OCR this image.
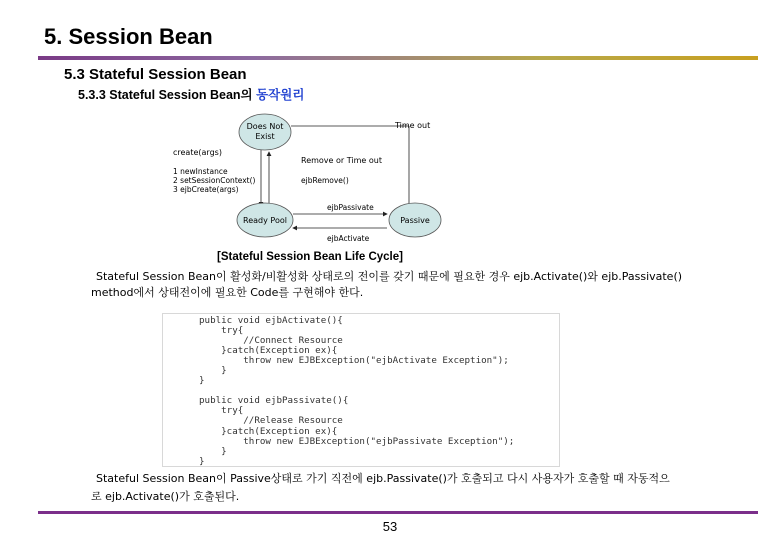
5. Session Bean
5.3 Stateful Session Bean
5.3.3 Stateful Session Bean의 동작원리
Does Not
Exist
Ready Pool	Passive
Time out
create(args)
1 newInstance
2 setSessionContext()
3 ejbCreate(args)
Remove or Time out
ejbRemove()
ejbPassivate
ejbActivate
[Stateful Session Bean Life Cycle]
Stateful Session Bean이 활성화/비활성화 상태로의 전이를 갖기 때문에 필요한 경우 ejb.Activate()와 ejb.Passivate()
method에서 상태전이에 필요한 Code를 구현해야 한다.
public void ejbActivate(){
try{
//Connect Resource
}catch(Exception ex){
throw new EJBException("ejbActivate Exception");
}
}

public void ejbPassivate(){
try{
//Release Resource
}catch(Exception ex){
throw new EJBException("ejbPassivate Exception");
}
}

Stateful Session Bean이 Passive상태로 가기 직전에 ejb.Passivate()가 호출되고 다시 사용자가 호출할 때 자동적으
로 ejb.Activate()가 호출된다.
53
